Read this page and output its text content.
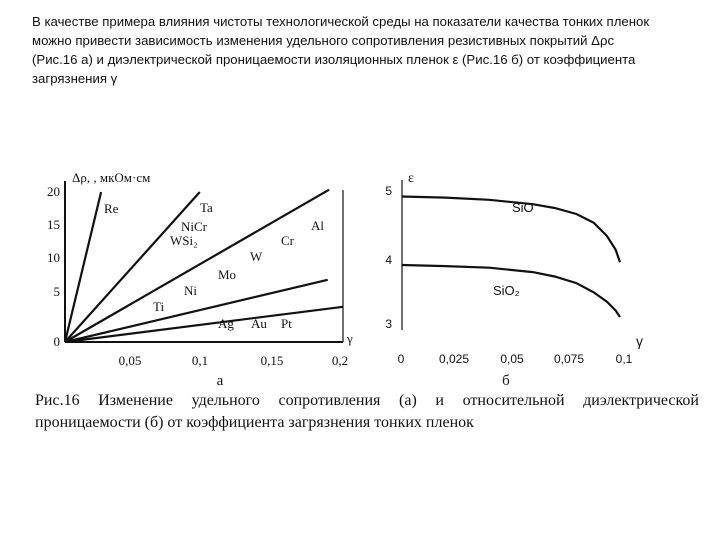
В качестве примера влияния чистоты технологической среды на показатели качества тонких пленок
можно привести зависимость изменения удельного сопротивления резистивных покрытий Δρс
(Рис.16 а) и диэлектрической проницаемости изоляционных пленок ε (Рис.16 б) от коэффициента
загрязнения γ
Δρ, , мкОм·см
γ
20
15
10
5
0
0,05	0,1	0,15	0,2
Re	Ta
NiCr
WSi₂
Al
Cr
W
Mo
Ni
Ti
Ag Au Pt
а
ε
γ
5
4
3
0	0,025	0,05	0,075	0,1
SiO
SiO₂
б
Рис.16 Изменение удельного сопротивления (а) и относительной диэлектрической
проницаемости (б) от коэффициента загрязнения тонких пленок
